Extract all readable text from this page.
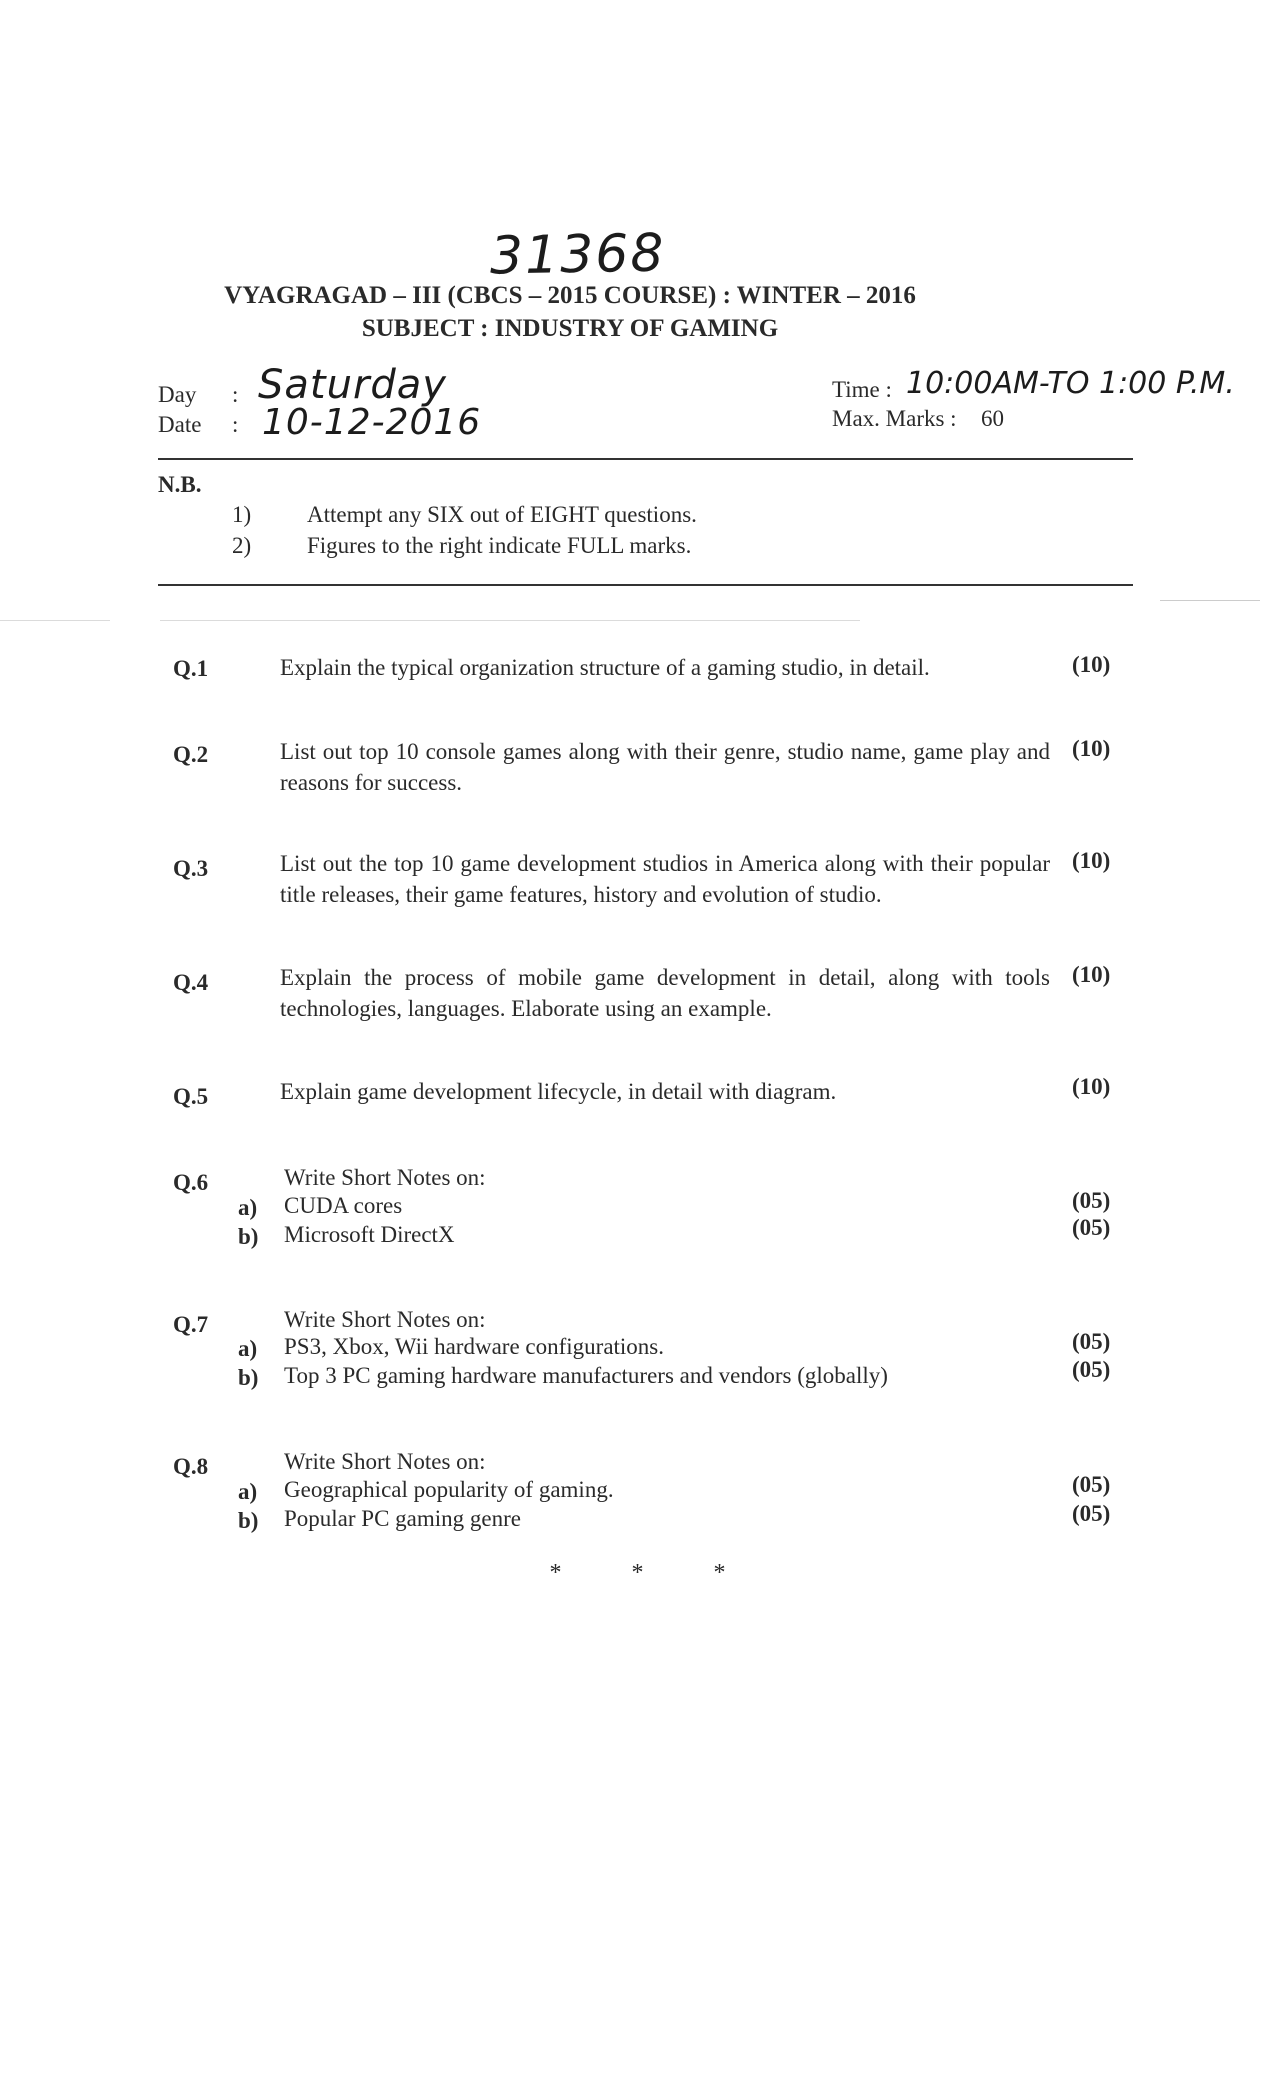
31368
VYAGRAGAD – III (CBCS – 2015 COURSE) : WINTER – 2016
SUBJECT : INDUSTRY OF GAMING
Day : Saturday
Date : 10-12-2016
Time : 10:00AM-TO 1:00 P.M.
Max. Marks : 60
N.B.
1) Attempt any SIX out of EIGHT questions.
2) Figures to the right indicate FULL marks.
Q.1	Explain the typical organization structure of a gaming studio, in detail.	(10)
Q.2	List out top 10 console games along with their genre, studio name, game play and reasons for success.
(10)
Q.3	List out the top 10 game development studios in America along with their popular title releases, their game features, history and evolution of studio.
(10)
Q.4	Explain the process of mobile game development in detail, along with tools technologies, languages. Elaborate using an example.
(10)
Q.5	Explain game development lifecycle, in detail with diagram.	(10)
Q.6	Write Short Notes on:
a) CUDA cores	(05)
b) Microsoft DirectX	(05)
Q.7	Write Short Notes on:
a) PS3, Xbox, Wii hardware configurations.	(05)
b) Top 3 PC gaming hardware manufacturers and vendors (globally)	(05)
Q.8	Write Short Notes on:
a) Geographical popularity of gaming.	(05)
b) Popular PC gaming genre	(05)
*	*	*
